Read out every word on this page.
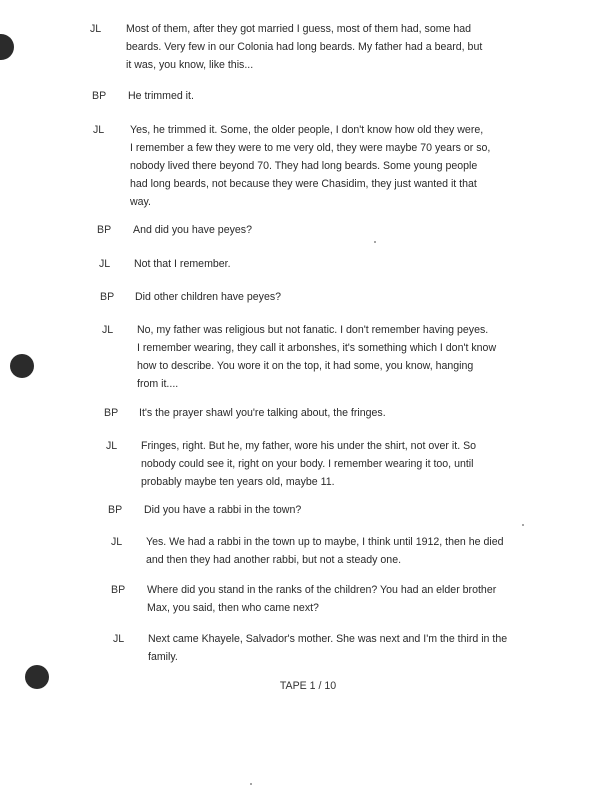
JL	Most of them, after they got married I guess, most of them had, some had
beards. Very few in our Colonia had long beards. My father had a beard, but
it was, you know, like this...
BP	He trimmed it.
JL	Yes, he trimmed it. Some, the older people, I don't know how old they were,
I remember a few they were to me very old, they were maybe 70 years or so,
nobody lived there beyond 70. They had long beards. Some young people
had long beards, not because they were Chasidim, they just wanted it that
way.
BP	And did you have peyes?
JL	Not that I remember.
BP	Did other children have peyes?
JL	No, my father was religious but not fanatic. I don't remember having peyes.
I remember wearing, they call it arbonshes, it's something which I don't know
how to describe. You wore it on the top, it had some, you know, hanging
from it....
BP	It's the prayer shawl you're talking about, the fringes.
JL	Fringes, right. But he, my father, wore his under the shirt, not over it. So
nobody could see it, right on your body. I remember wearing it too, until
probably maybe ten years old, maybe 11.
BP	Did you have a rabbi in the town?
JL	Yes. We had a rabbi in the town up to maybe, I think until 1912, then he died
and then they had another rabbi, but not a steady one.
BP	Where did you stand in the ranks of the children? You had an elder brother
Max, you said, then who came next?
JL	Next came Khayele, Salvador's mother. She was next and I'm the third in the
family.
TAPE 1 / 10
